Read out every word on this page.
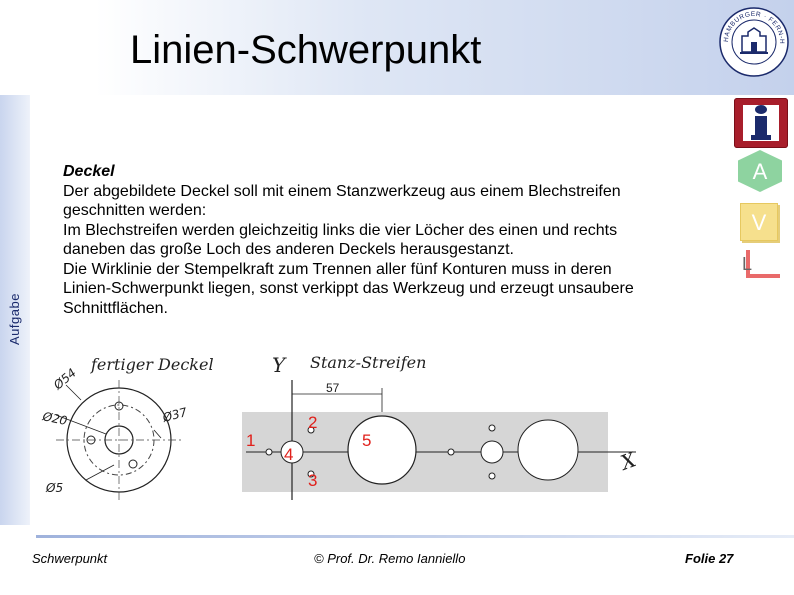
Linien-Schwerpunkt
Aufgabe
HAMBURGER · FERN-H
A
V
L
Deckel
Der abgebildete Deckel soll mit einem Stanzwerkzeug aus einem Blechstreifen
geschnitten werden:
Im Blechstreifen werden gleichzeitig links die vier Löcher des einen und rechts
daneben das große Loch des anderen Deckels herausgestanzt.
Die Wirklinie der Stempelkraft zum Trennen aller fünf Konturen muss in deren
Linien-Schwerpunkt liegen, sonst verkippt das Werkzeug und erzeugt unsaubere
Schnittflächen.
fertiger Deckel
Ø54
Ø20	Ø37
Ø5
Y Stanz-Streifen
57
X
1
2
3
4
5
Schwerpunkt	© Prof. Dr. Remo Ianniello	Folie 27
